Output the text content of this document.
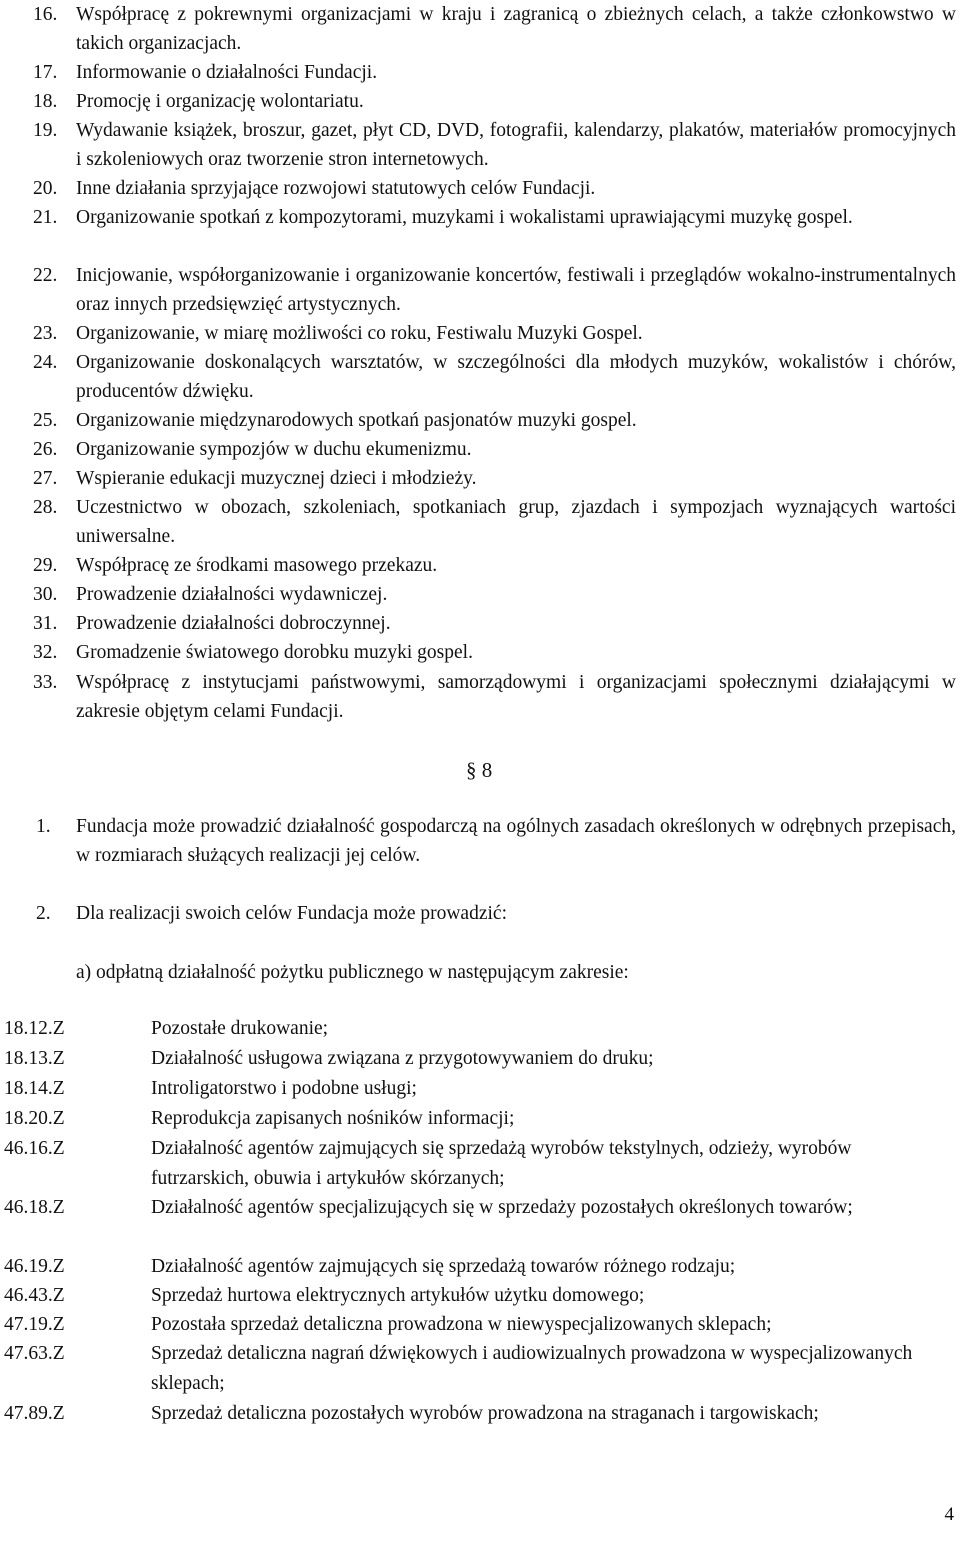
16. Współpracę z pokrewnymi organizacjami w kraju i zagranicą o zbieżnych celach, a także członkowstwo w takich organizacjach.
17. Informowanie o działalności Fundacji.
18. Promocję i organizację wolontariatu.
19. Wydawanie książek, broszur, gazet, płyt CD, DVD, fotografii, kalendarzy, plakatów, materiałów promocyjnych i szkoleniowych oraz tworzenie stron internetowych.
20. Inne działania sprzyjające rozwojowi statutowych celów Fundacji.
21. Organizowanie spotkań z kompozytorami, muzykami i wokalistami uprawiającymi muzykę gospel.
22. Inicjowanie, współorganizowanie i organizowanie koncertów, festiwali i przeglądów wokalno-instrumentalnych oraz innych przedsięwzięć artystycznych.
23. Organizowanie, w miarę możliwości co roku, Festiwalu Muzyki Gospel.
24. Organizowanie doskonalących warsztatów, w szczególności dla młodych muzyków, wokalistów i chórów, producentów dźwięku.
25. Organizowanie międzynarodowych spotkań pasjonatów muzyki gospel.
26. Organizowanie sympozjów w duchu ekumenizmu.
27. Wspieranie edukacji muzycznej dzieci i młodzieży.
28. Uczestnictwo w obozach, szkoleniach, spotkaniach grup, zjazdach i sympozjach wyznających wartości uniwersalne.
29. Współpracę ze środkami masowego przekazu.
30. Prowadzenie działalności wydawniczej.
31. Prowadzenie działalności dobroczynnej.
32. Gromadzenie światowego dorobku muzyki gospel.
33. Współpracę z instytucjami państwowymi, samorządowymi i organizacjami społecznymi działającymi w zakresie objętym celami Fundacji.
§ 8
1. Fundacja może prowadzić działalność gospodarczą na ogólnych zasadach określonych w odrębnych przepisach, w rozmiarach służących realizacji jej celów.
2. Dla realizacji swoich celów Fundacja może prowadzić:
a) odpłatną działalność pożytku publicznego w następującym zakresie:
18.12.Z	Pozostałe drukowanie;
18.13.Z	Działalność usługowa związana z przygotowywaniem do druku;
18.14.Z	Introligatorstwo i podobne usługi;
18.20.Z	Reprodukcja zapisanych nośników informacji;
46.16.Z	Działalność agentów zajmujących się sprzedażą wyrobów tekstylnych, odzieży, wyrobów futrzarskich, obuwia i artykułów skórzanych;
46.18.Z	Działalność agentów specjalizujących się w sprzedaży pozostałych określonych towarów;
46.19.Z	Działalność agentów zajmujących się sprzedażą towarów różnego rodzaju;
46.43.Z	Sprzedaż hurtowa elektrycznych artykułów użytku domowego;
47.19.Z	Pozostała sprzedaż detaliczna prowadzona w niewyspecjalizowanych sklepach;
47.63.Z	Sprzedaż detaliczna nagrań dźwiękowych i audiowizualnych prowadzona w wyspecjalizowanych sklepach;
47.89.Z	Sprzedaż detaliczna pozostałych wyrobów prowadzona na straganach i targowiskach;
4
